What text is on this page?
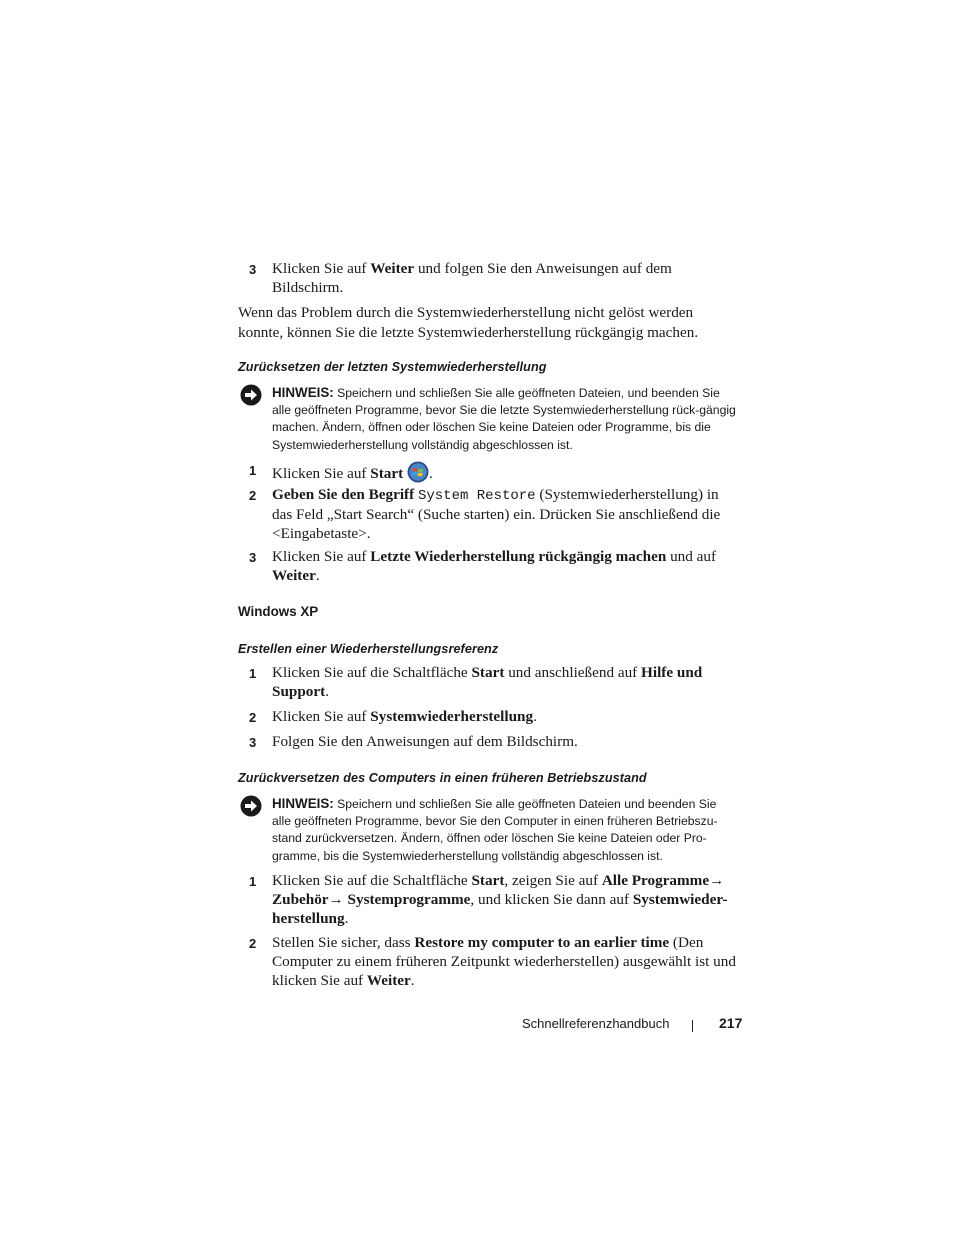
3 Klicken Sie auf Weiter und folgen Sie den Anweisungen auf dem Bildschirm.
Wenn das Problem durch die Systemwiederherstellung nicht gelöst werden konnte, können Sie die letzte Systemwiederherstellung rückgängig machen.
Zurücksetzen der letzten Systemwiederherstellung
HINWEIS: Speichern und schließen Sie alle geöffneten Dateien, und beenden Sie alle geöffneten Programme, bevor Sie die letzte Systemwiederherstellung rück-gängig machen. Ändern, öffnen oder löschen Sie keine Dateien oder Programme, bis die Systemwiederherstellung vollständig abgeschlossen ist.
1 Klicken Sie auf Start .
2 Geben Sie den Begriff System Restore (Systemwiederherstellung) in das Feld „Start Search“ (Suche starten) ein. Drücken Sie anschließend die <Eingabetaste>.
3 Klicken Sie auf Letzte Wiederherstellung rückgängig machen und auf Weiter.
Windows XP
Erstellen einer Wiederherstellungsreferenz
1 Klicken Sie auf die Schaltfläche Start und anschließend auf Hilfe und Support.
2 Klicken Sie auf Systemwiederherstellung.
3 Folgen Sie den Anweisungen auf dem Bildschirm.
Zurückversetzen des Computers in einen früheren Betriebszustand
HINWEIS: Speichern und schließen Sie alle geöffneten Dateien und beenden Sie alle geöffneten Programme, bevor Sie den Computer in einen früheren Betriebszu-stand zurückversetzen. Ändern, öffnen oder löschen Sie keine Dateien oder Pro-gramme, bis die Systemwiederherstellung vollständig abgeschlossen ist.
1 Klicken Sie auf die Schaltfläche Start, zeigen Sie auf Alle Programme→ Zubehör→ Systemprogramme, und klicken Sie dann auf Systemwieder-herstellung.
2 Stellen Sie sicher, dass Restore my computer to an earlier time (Den Computer zu einem früheren Zeitpunkt wiederherstellen) ausgewählt ist und klicken Sie auf Weiter.
Schnellreferenzhandbuch	217
